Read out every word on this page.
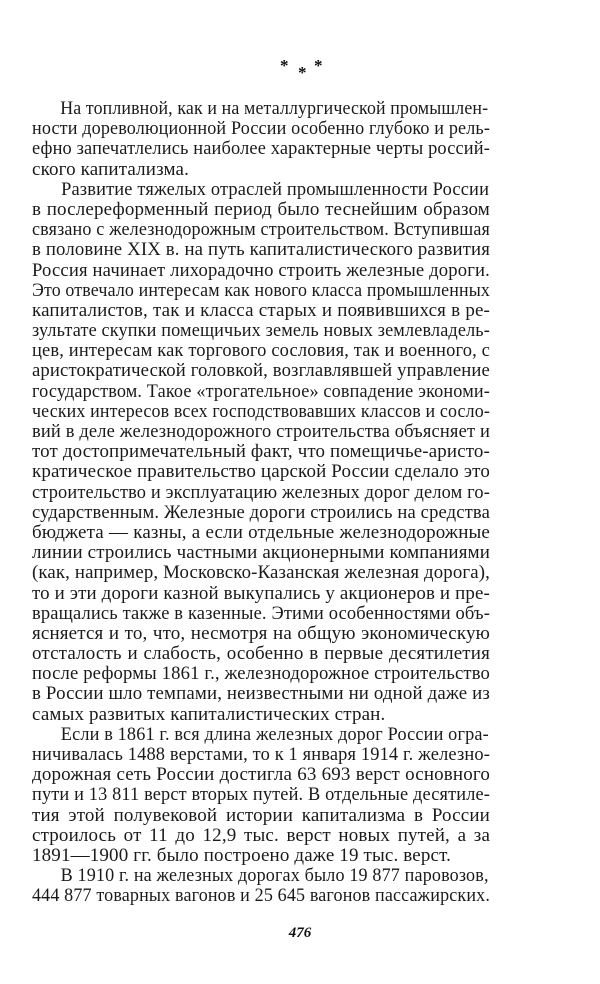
* * *
На топливной, как и на металлургической промышлен-
ности дореволюционной России особенно глубоко и рель-
ефно запечатлелись наиболее характерные черты россий-
ского капитализма.
Развитие тяжелых отраслей промышленности России
в послереформенный период было теснейшим образом
связано с железнодорожным строительством. Вступившая
в половине XIX в. на путь капиталистического развития
Россия начинает лихорадочно строить железные дороги.
Это отвечало интересам как нового класса промышленных
капиталистов, так и класса старых и появившихся в ре-
зультате скупки помещичьих земель новых землевладель-
цев, интересам как торгового сословия, так и военного, с
аристократической головкой, возглавлявшей управление
государством. Такое «трогательное» совпадение экономи-
ческих интересов всех господствовавших классов и сосло-
вий в деле железнодорожного строительства объясняет и
тот достопримечательный факт, что помещичье-аристо-
кратическое правительство царской России сделало это
строительство и эксплуатацию железных дорог делом го-
сударственным. Железные дороги строились на средства
бюджета — казны, а если отдельные железнодорожные
линии строились частными акционерными компаниями
(как, например, Московско-Казанская железная дорога),
то и эти дороги казной выкупались у акционеров и пре-
вращались также в казенные. Этими особенностями объ-
ясняется и то, что, несмотря на общую экономическую
отсталость и слабость, особенно в первые десятилетия
после реформы 1861 г., железнодорожное строительство
в России шло темпами, неизвестными ни одной даже из
самых развитых капиталистических стран.
Если в 1861 г. вся длина железных дорог России огра-
ничивалась 1488 верстами, то к 1 января 1914 г. железно-
дорожная сеть России достигла 63 693 верст основного
пути и 13 811 верст вторых путей. В отдельные десятиле-
тия этой полувековой истории капитализма в России
строилось от 11 до 12,9 тыс. верст новых путей, а за
1891—1900 гг. было построено даже 19 тыс. верст.
В 1910 г. на железных дорогах было 19 877 паровозов,
444 877 товарных вагонов и 25 645 вагонов пассажирских.
476
